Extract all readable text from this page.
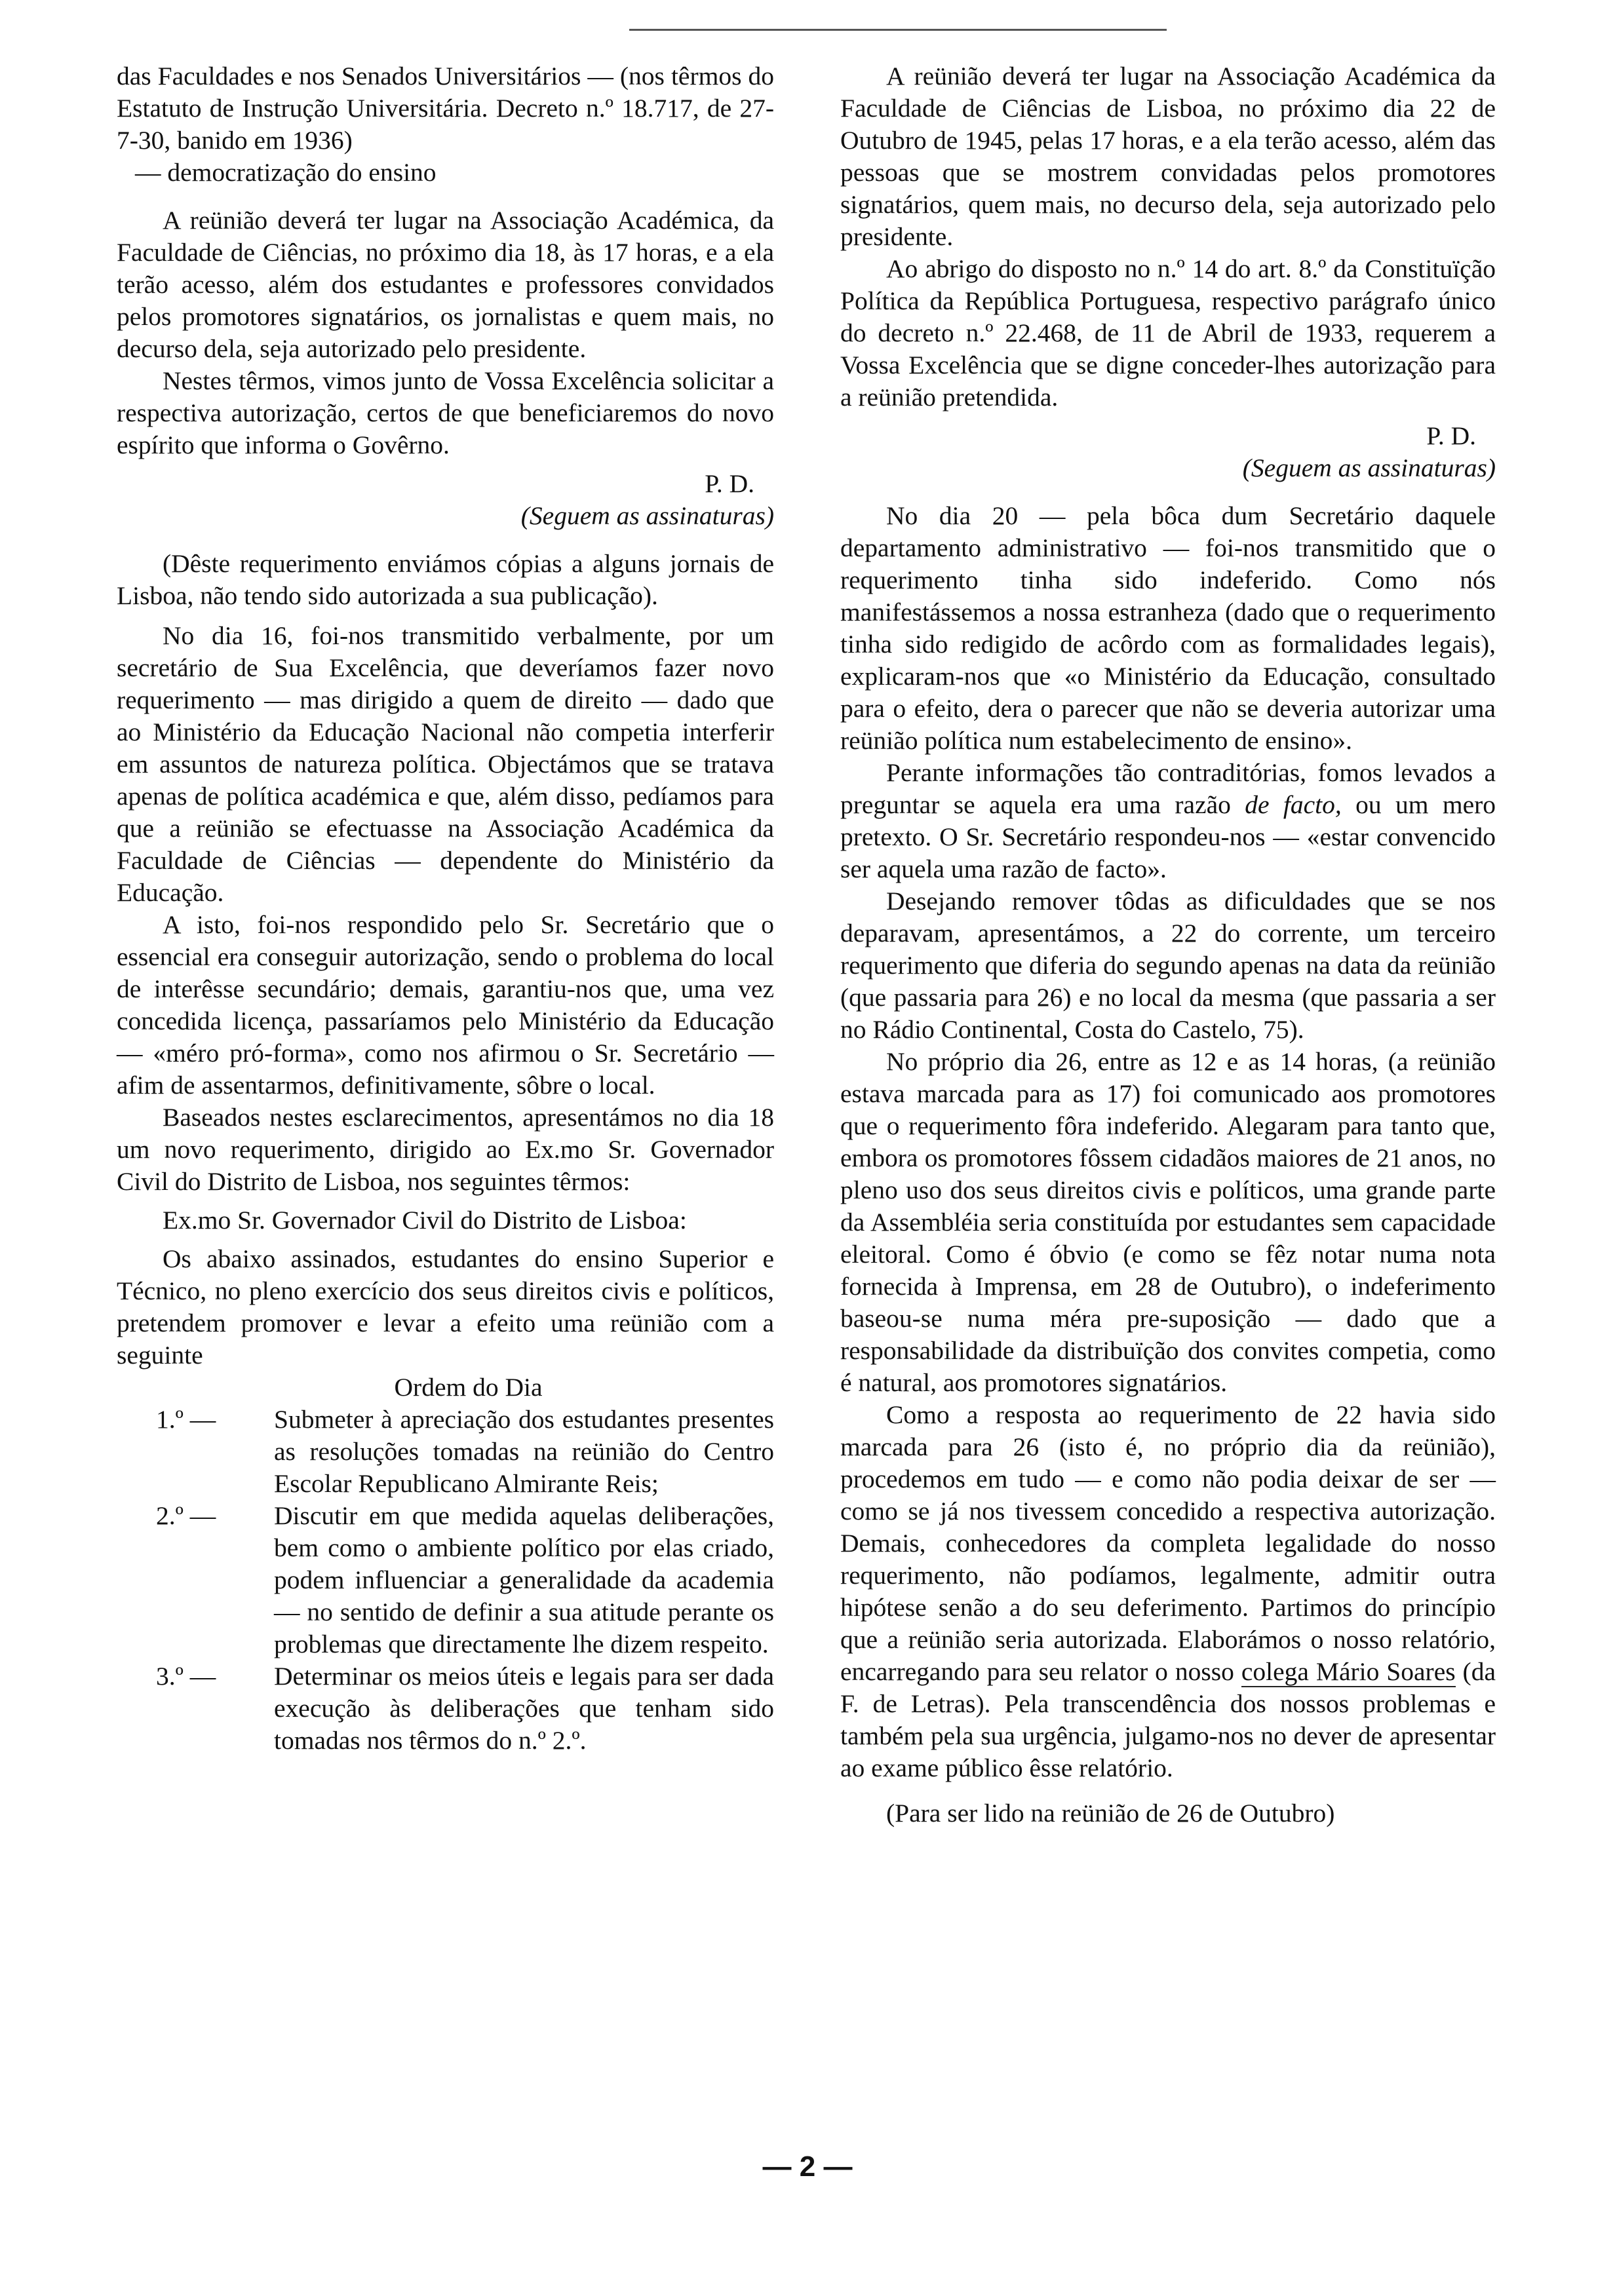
das Faculdades e nos Senados Universitários — (nos têrmos do Estatuto de Instrução Universitária. Decreto n.º 18.717, de 27-7-30, banido em 1936)

— democratização do ensino

A reünião deverá ter lugar na Associação Académica, da Faculdade de Ciências, no próximo dia 18, às 17 horas, e a ela terão acesso, além dos estudantes e professores convidados pelos promotores signatários, os jornalistas e quem mais, no decurso dela, seja autorizado pelo presidente.

Nestes têrmos, vimos junto de Vossa Excelência solicitar a respectiva autorização, certos de que beneficiaremos do novo espírito que informa o Govêrno.

P. D.

(Seguem as assinaturas)

(Dêste requerimento enviámos cópias a alguns jornais de Lisboa, não tendo sido autorizada a sua publicação).

No dia 16, foi-nos transmitido verbalmente, por um secretário de Sua Excelência, que deveríamos fazer novo requerimento — mas dirigido a quem de direito — dado que ao Ministério da Educação Nacional não competia interferir em assuntos de natureza política. Objectámos que se tratava apenas de política académica e que, além disso, pedíamos para que a reünião se efectuasse na Associação Académica da Faculdade de Ciências — dependente do Ministério da Educação.

A isto, foi-nos respondido pelo Sr. Secretário que o essencial era conseguir autorização, sendo o problema do local de interêsse secundário; demais, garantiu-nos que, uma vez concedida licença, passaríamos pelo Ministério da Educação — «méro pró-forma», como nos afirmou o Sr. Secretário — afim de assentarmos, definitivamente, sôbre o local.

Baseados nestes esclarecimentos, apresentámos no dia 18 um novo requerimento, dirigido ao Ex.mo Sr. Governador Civil do Distrito de Lisboa, nos seguintes têrmos:

Ex.mo Sr. Governador Civil do Distrito de Lisboa:

Os abaixo assinados, estudantes do ensino Superior e Técnico, no pleno exercício dos seus direitos civis e políticos, pretendem promover e levar a efeito uma reünião com a seguinte

Ordem do Dia

1.º —	Submeter à apreciação dos estudantes presentes as resoluções tomadas na reünião do Centro Escolar Republicano Almirante Reis;
2.º —	Discutir em que medida aquelas deliberações, bem como o ambiente político por elas criado, podem influenciar a generalidade da academia — no sentido de definir a sua atitude perante os problemas que directamente lhe dizem respeito.
3.º —	Determinar os meios úteis e legais para ser dada execução às deliberações que tenham sido tomadas nos têrmos do n.º 2.º.

A reünião deverá ter lugar na Associação Académica da Faculdade de Ciências de Lisboa, no próximo dia 22 de Outubro de 1945, pelas 17 horas, e a ela terão acesso, além das pessoas que se mostrem convidadas pelos promotores signatários, quem mais, no decurso dela, seja autorizado pelo presidente.

Ao abrigo do disposto no n.º 14 do art. 8.º da Constituïção Política da República Portuguesa, respectivo parágrafo único do decreto n.º 22.468, de 11 de Abril de 1933, requerem a Vossa Excelência que se digne conceder-lhes autorização para a reünião pretendida.

P. D.

(Seguem as assinaturas)

No dia 20 — pela bôca dum Secretário daquele departamento administrativo — foi-nos transmitido que o requerimento tinha sido indeferido. Como nós manifestássemos a nossa estranheza (dado que o requerimento tinha sido redigido de acôrdo com as formalidades legais), explicaram-nos que «o Ministério da Educação, consultado para o efeito, dera o parecer que não se deveria autorizar uma reünião política num estabelecimento de ensino».

Perante informações tão contraditórias, fomos levados a preguntar se aquela era uma razão de facto, ou um mero pretexto. O Sr. Secretário respondeu-nos — «estar convencido ser aquela uma razão de facto».

Desejando remover tôdas as dificuldades que se nos deparavam, apresentámos, a 22 do corrente, um terceiro requerimento que diferia do segundo apenas na data da reünião (que passaria para 26) e no local da mesma (que passaria a ser no Rádio Continental, Costa do Castelo, 75).

No próprio dia 26, entre as 12 e as 14 horas, (a reünião estava marcada para as 17) foi comunicado aos promotores que o requerimento fôra indeferido. Alegaram para tanto que, embora os promotores fôssem cidadãos maiores de 21 anos, no pleno uso dos seus direitos civis e políticos, uma grande parte da Assembléia seria constituída por estudantes sem capacidade eleitoral. Como é óbvio (e como se fêz notar numa nota fornecida à Imprensa, em 28 de Outubro), o indeferimento baseou-se numa méra pre-suposição — dado que a responsabilidade da distribuïção dos convites competia, como é natural, aos promotores signatários.

Como a resposta ao requerimento de 22 havia sido marcada para 26 (isto é, no próprio dia da reünião), procedemos em tudo — e como não podia deixar de ser — como se já nos tivessem concedido a respectiva autorização. Demais, conhecedores da completa legalidade do nosso requerimento, não podíamos, legalmente, admitir outra hipótese senão a do seu deferimento. Partimos do princípio que a reünião seria autorizada. Elaborámos o nosso relatório, encarregando para seu relator o nosso colega Mário Soares (da F. de Letras). Pela transcendência dos nossos problemas e também pela sua urgência, julgamo-nos no dever de apresentar ao exame público êsse relatório.

(Para ser lido na reünião de 26 de Outubro)

— 2 —
